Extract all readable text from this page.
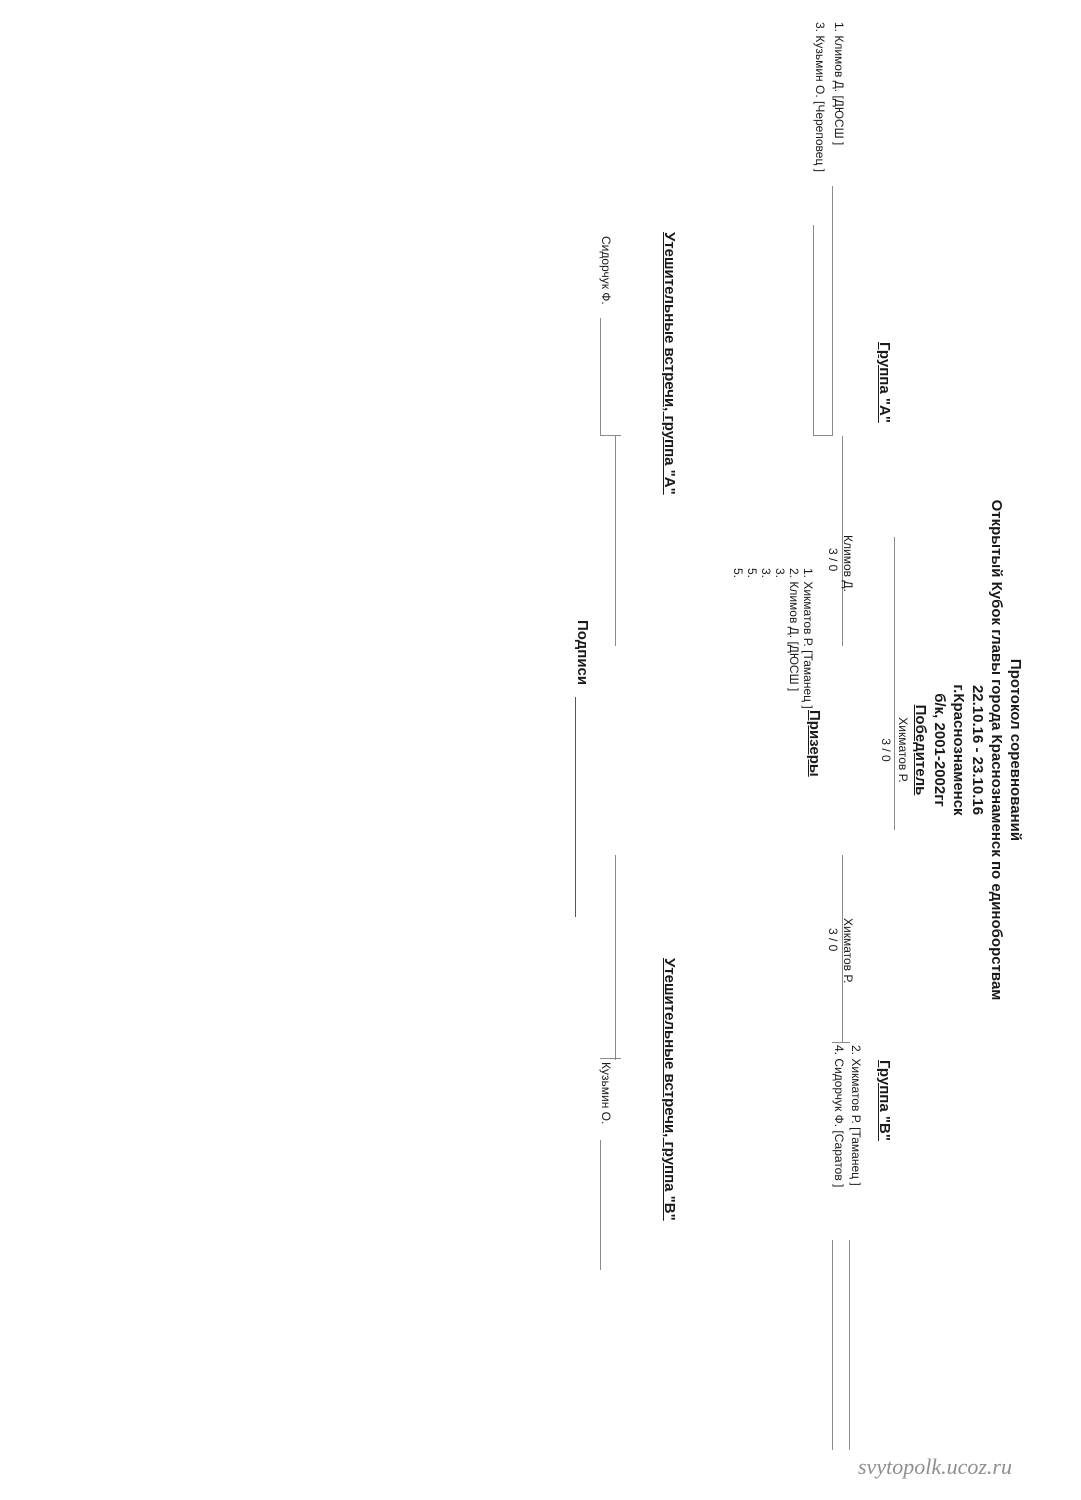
Протокол соревнований
Открытый Кубок главы города Краснознаменск по единоборствам
22.10.16 - 23.10.16
г.Краснознаменск
б/к, 2001-2002гг
Победитель
Хикматов Р.
3 / 0
Группа "А"
1. Климов Д. [ДЮСШ ]
3. Кузьмин О. [Череповец ]
Климов Д.
3 / 0
Группа "В"
2. Хикматов Р. [Таманец ]
4. Сидорчук Ф. [Саратов ]
Хикматов Р.
3 / 0
Призеры
1. Хикматов Р. [Таманец ]
2. Климов Д. [ДЮСШ ]
3.
3.
5.
5.
Утешительные встречи, группа "А"
Сидорчук Ф.
Утешительные встречи, группа "В"
Кузьмин О.
Подписи
svytopolk.ucoz.ru
